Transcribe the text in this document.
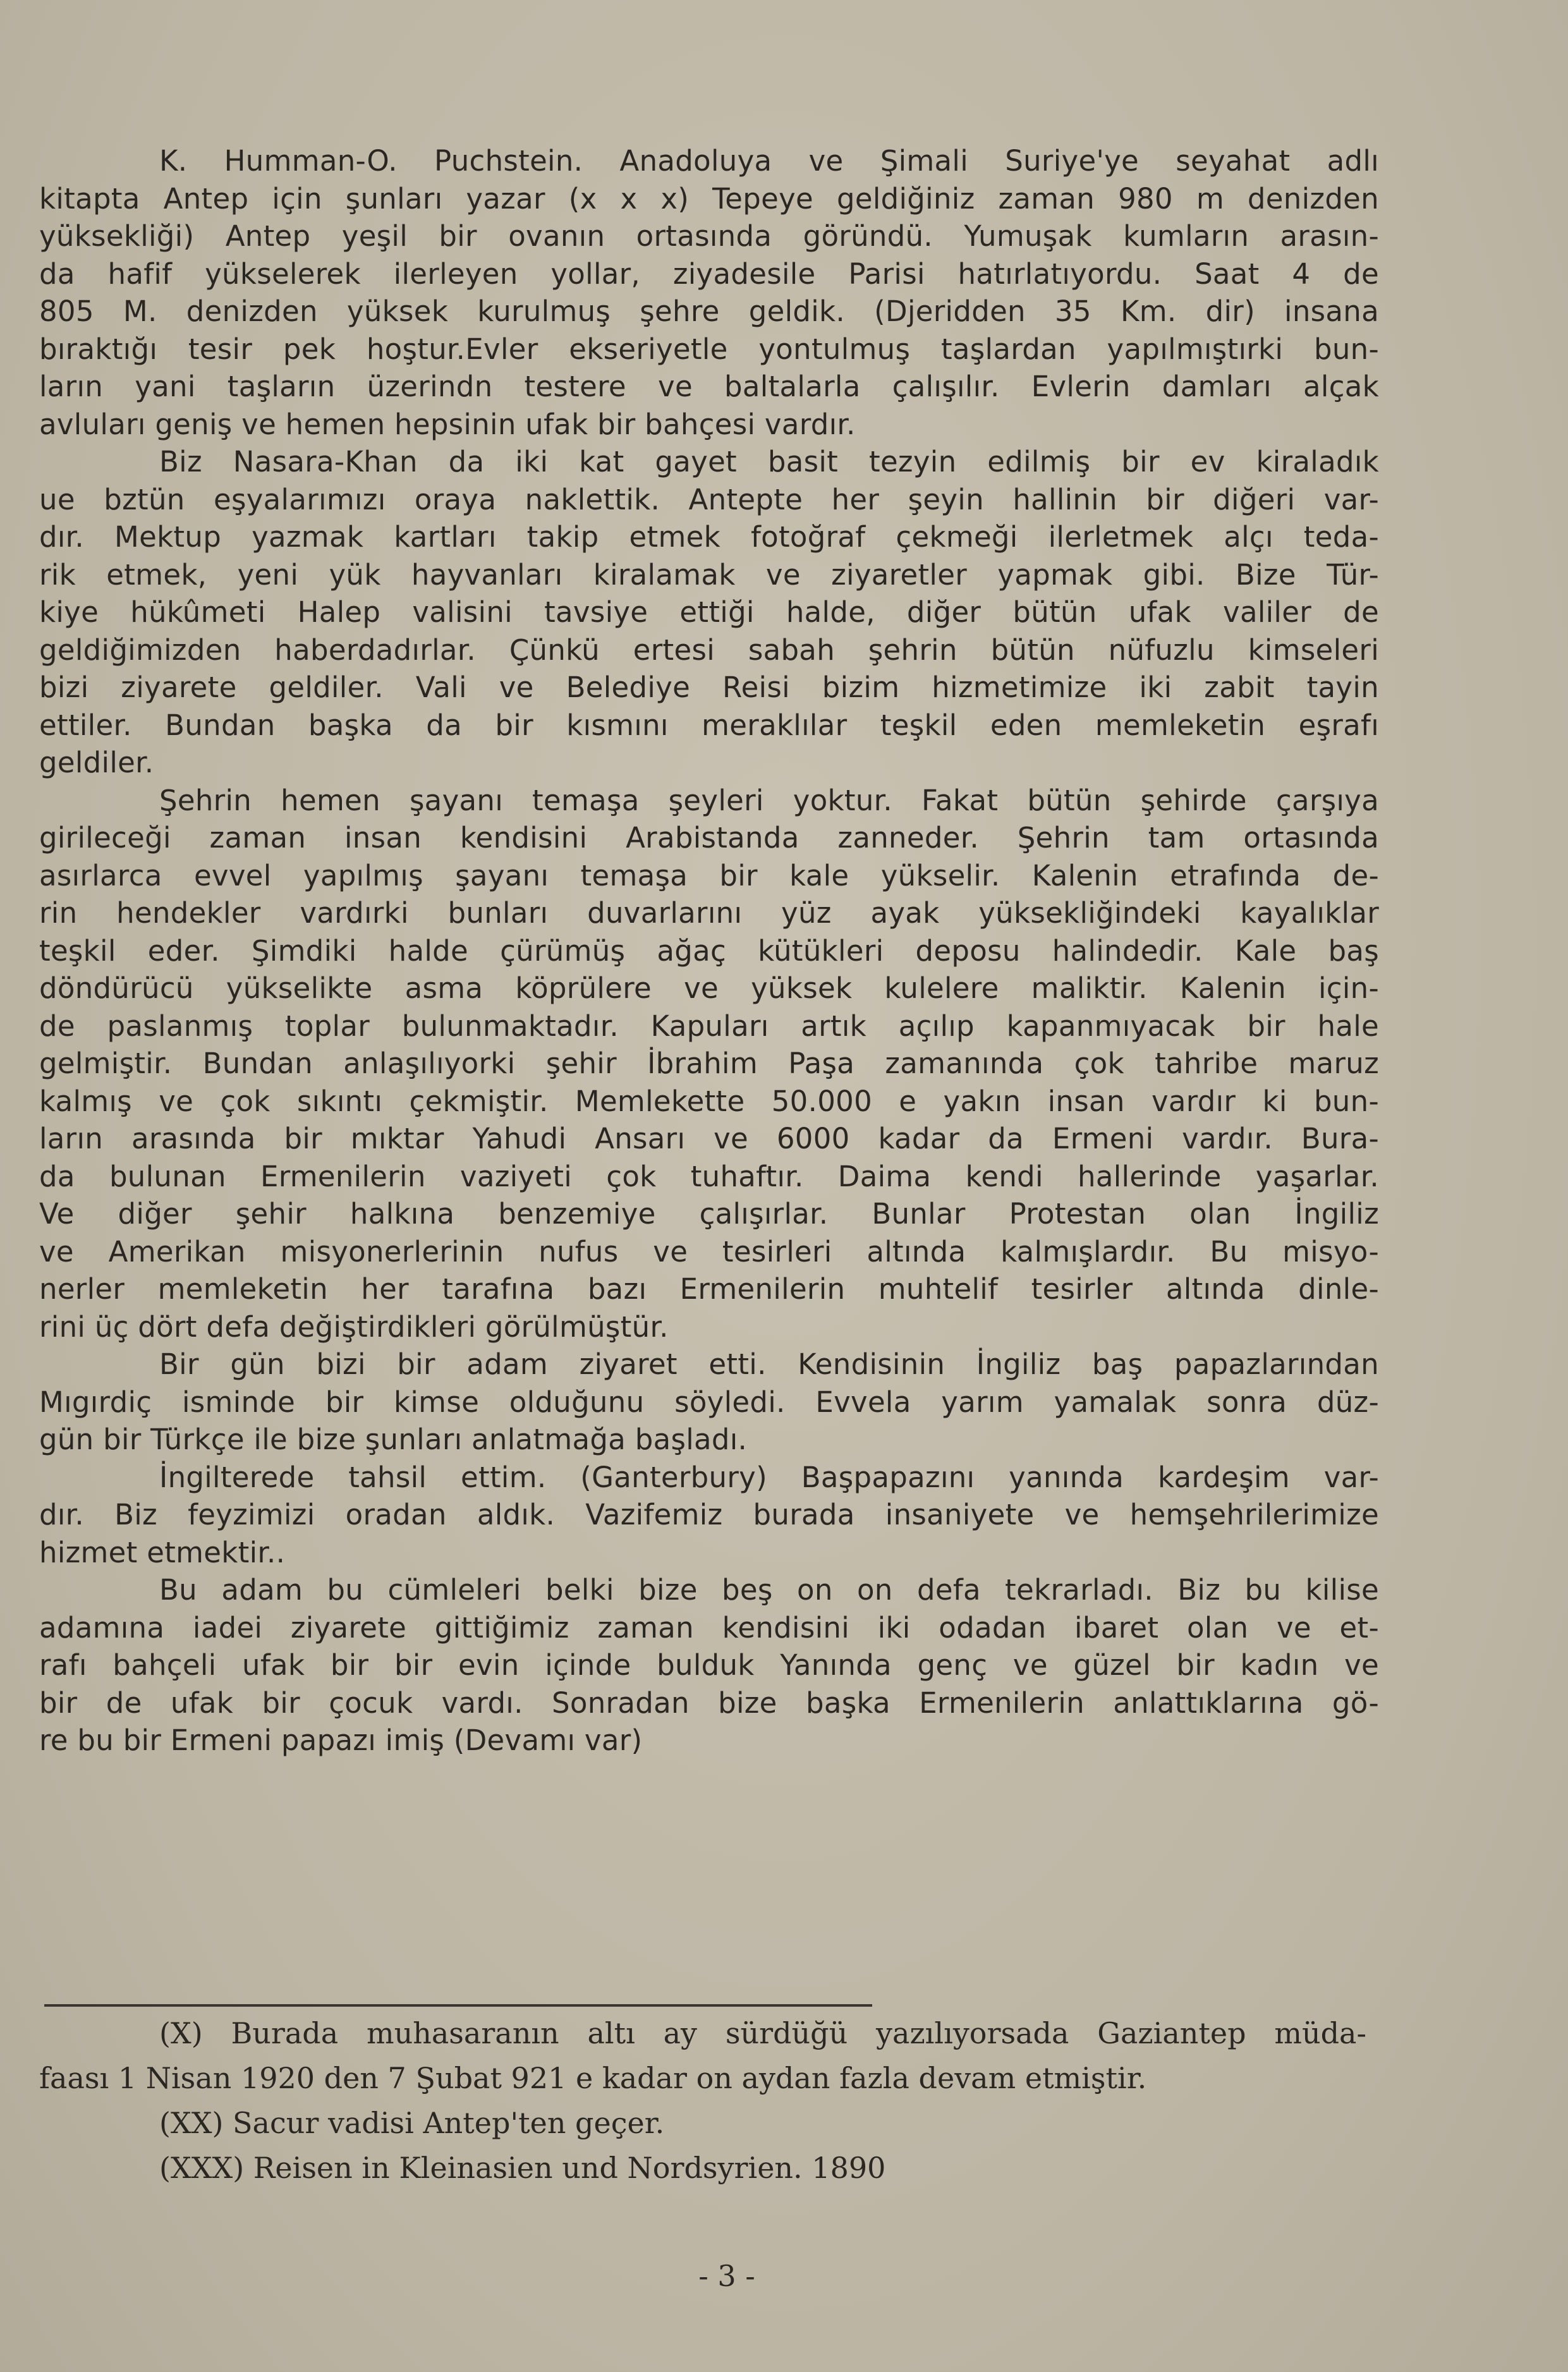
K. Humman-O. Puchstein. Anadoluya ve Şimali Suriye'ye seyahat adlı
kitapta Antep için şunları yazar (x x x) Tepeye geldiğiniz zaman 980 m denizden
yüksekliği) Antep yeşil bir ovanın ortasında göründü. Yumuşak kumların arasın-
da hafif yükselerek ilerleyen yollar, ziyadesile Parisi hatırlatıyordu. Saat 4 de
805 M. denizden yüksek kurulmuş şehre geldik. (Djeridden 35 Km. dir) insana
bıraktığı tesir pek hoştur.Evler ekseriyetle yontulmuş taşlardan yapılmıştırki bun-
ların yani taşların üzerindn testere ve baltalarla çalışılır. Evlerin damları alçak
avluları geniş ve hemen hepsinin ufak bir bahçesi vardır.
Biz Nasara-Khan da iki kat gayet basit tezyin edilmiş bir ev kiraladık
ue bztün eşyalarımızı oraya naklettik. Antepte her şeyin hallinin bir diğeri var-
dır. Mektup yazmak kartları takip etmek fotoğraf çekmeği ilerletmek alçı teda-
rik etmek, yeni yük hayvanları kiralamak ve ziyaretler yapmak gibi. Bize Tür-
kiye hükûmeti Halep valisini tavsiye ettiği halde, diğer bütün ufak valiler de
geldiğimizden haberdadırlar. Çünkü ertesi sabah şehrin bütün nüfuzlu kimseleri
bizi ziyarete geldiler. Vali ve Belediye Reisi bizim hizmetimize iki zabit tayin
ettiler. Bundan başka da bir kısmını meraklılar teşkil eden memleketin eşrafı
geldiler.
Şehrin hemen şayanı temaşa şeyleri yoktur. Fakat bütün şehirde çarşıya
girileceği zaman insan kendisini Arabistanda zanneder. Şehrin tam ortasında
asırlarca evvel yapılmış şayanı temaşa bir kale yükselir. Kalenin etrafında de-
rin hendekler vardırki bunları duvarlarını yüz ayak yüksekliğindeki kayalıklar
teşkil eder. Şimdiki halde çürümüş ağaç kütükleri deposu halindedir. Kale baş
döndürücü yükselikte asma köprülere ve yüksek kulelere maliktir. Kalenin için-
de paslanmış toplar bulunmaktadır. Kapuları artık açılıp kapanmıyacak bir hale
gelmiştir. Bundan anlaşılıyorki şehir İbrahim Paşa zamanında çok tahribe maruz
kalmış ve çok sıkıntı çekmiştir. Memlekette 50.000 e yakın insan vardır ki bun-
ların arasında bir mıktar Yahudi Ansarı ve 6000 kadar da Ermeni vardır. Bura-
da bulunan Ermenilerin vaziyeti çok tuhaftır. Daima kendi hallerinde yaşarlar.
Ve diğer şehir halkına benzemiye çalışırlar. Bunlar Protestan olan İngiliz
ve Amerikan misyonerlerinin nufus ve tesirleri altında kalmışlardır. Bu misyo-
nerler memleketin her tarafına bazı Ermenilerin muhtelif tesirler altında dinle-
rini üç dört defa değiştirdikleri görülmüştür.
Bir gün bizi bir adam ziyaret etti. Kendisinin İngiliz baş papazlarından
Mıgırdiç isminde bir kimse olduğunu söyledi. Evvela yarım yamalak sonra düz-
gün bir Türkçe ile bize şunları anlatmağa başladı.
İngilterede tahsil ettim. (Ganterbury) Başpapazını yanında kardeşim var-
dır. Biz feyzimizi oradan aldık. Vazifemiz burada insaniyete ve hemşehrilerimize
hizmet etmektir..
Bu adam bu cümleleri belki bize beş on on defa tekrarladı. Biz bu kilise
adamına iadei ziyarete gittiğimiz zaman kendisini iki odadan ibaret olan ve et-
rafı bahçeli ufak bir bir evin içinde bulduk Yanında genç ve güzel bir kadın ve
bir de ufak bir çocuk vardı. Sonradan bize başka Ermenilerin anlattıklarına gö-
re bu bir Ermeni papazı imiş (Devamı var)
(X) Burada muhasaranın altı ay sürdüğü yazılıyorsada Gaziantep müda-
faası 1 Nisan 1920 den 7 Şubat 921 e kadar on aydan fazla devam etmiştir.
(XX) Sacur vadisi Antep'ten geçer.
(XXX) Reisen in Kleinasien und Nordsyrien. 1890
- 3 -
